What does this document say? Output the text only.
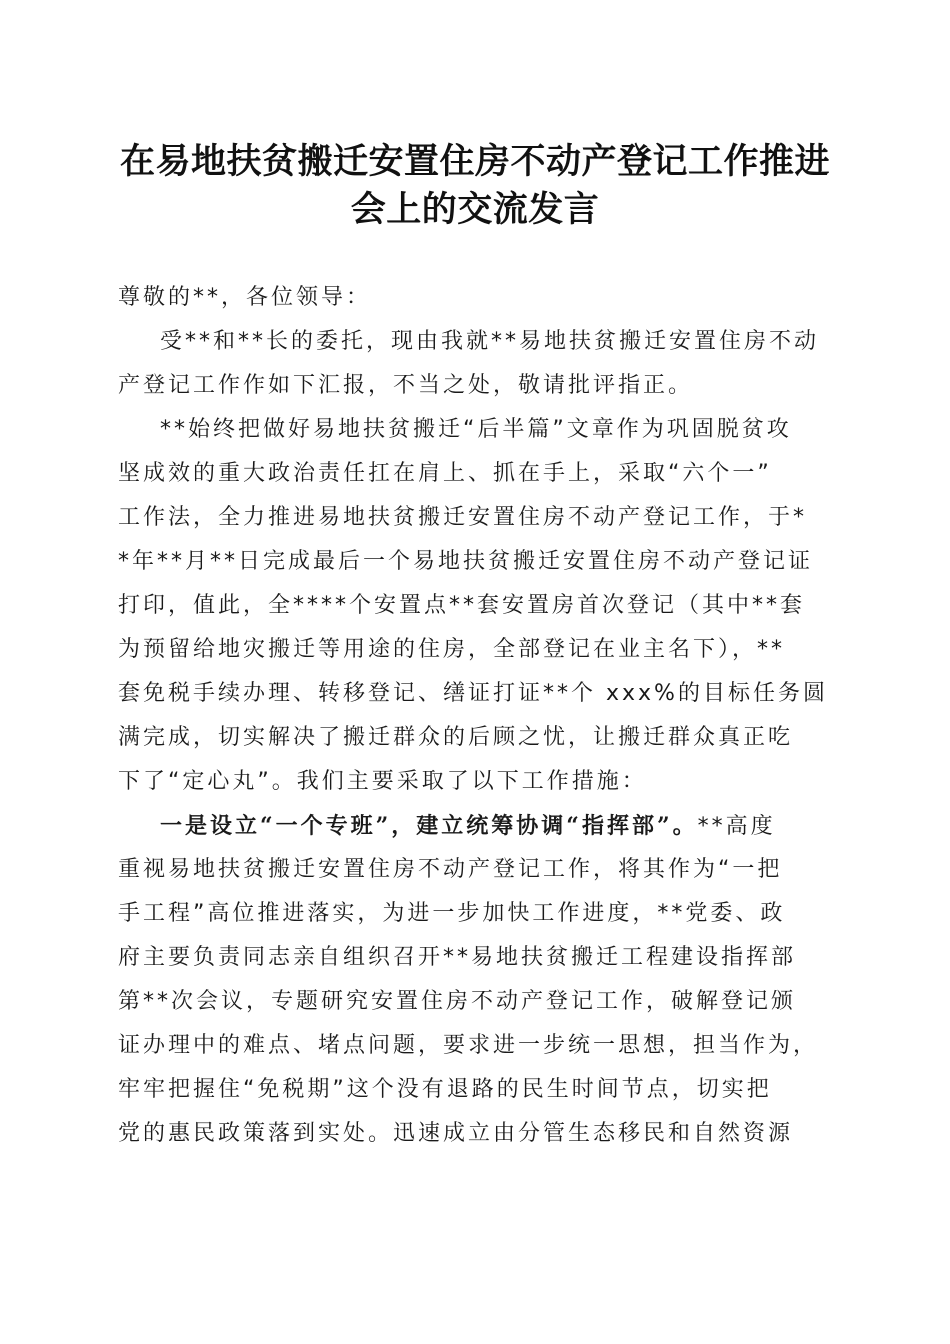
在易地扶贫搬迁安置住房不动产登记工作推进
会上的交流发言
尊敬的**，各位领导：
受**和**长的委托，现由我就**易地扶贫搬迁安置住房不动
产登记工作作如下汇报，不当之处，敬请批评指正。
**始终把做好易地扶贫搬迁“后半篇”文章作为巩固脱贫攻
坚成效的重大政治责任扛在肩上、抓在手上，采取“六个一”
工作法，全力推进易地扶贫搬迁安置住房不动产登记工作，于*
*年**月**日完成最后一个易地扶贫搬迁安置住房不动产登记证
打印，值此，全****个安置点**套安置房首次登记（其中**套
为预留给地灾搬迁等用途的住房，全部登记在业主名下），**
套免税手续办理、转移登记、缮证打证**个 xxx%的目标任务圆
满完成，切实解决了搬迁群众的后顾之忧，让搬迁群众真正吃
下了“定心丸”。我们主要采取了以下工作措施：
一是设立“一个专班”，建立统筹协调“指挥部”。**高度
重视易地扶贫搬迁安置住房不动产登记工作，将其作为“一把
手工程”高位推进落实，为进一步加快工作进度，**党委、政
府主要负责同志亲自组织召开**易地扶贫搬迁工程建设指挥部
第**次会议，专题研究安置住房不动产登记工作，破解登记颁
证办理中的难点、堵点问题，要求进一步统一思想，担当作为，
牢牢把握住“免税期”这个没有退路的民生时间节点，切实把
党的惠民政策落到实处。迅速成立由分管生态移民和自然资源
